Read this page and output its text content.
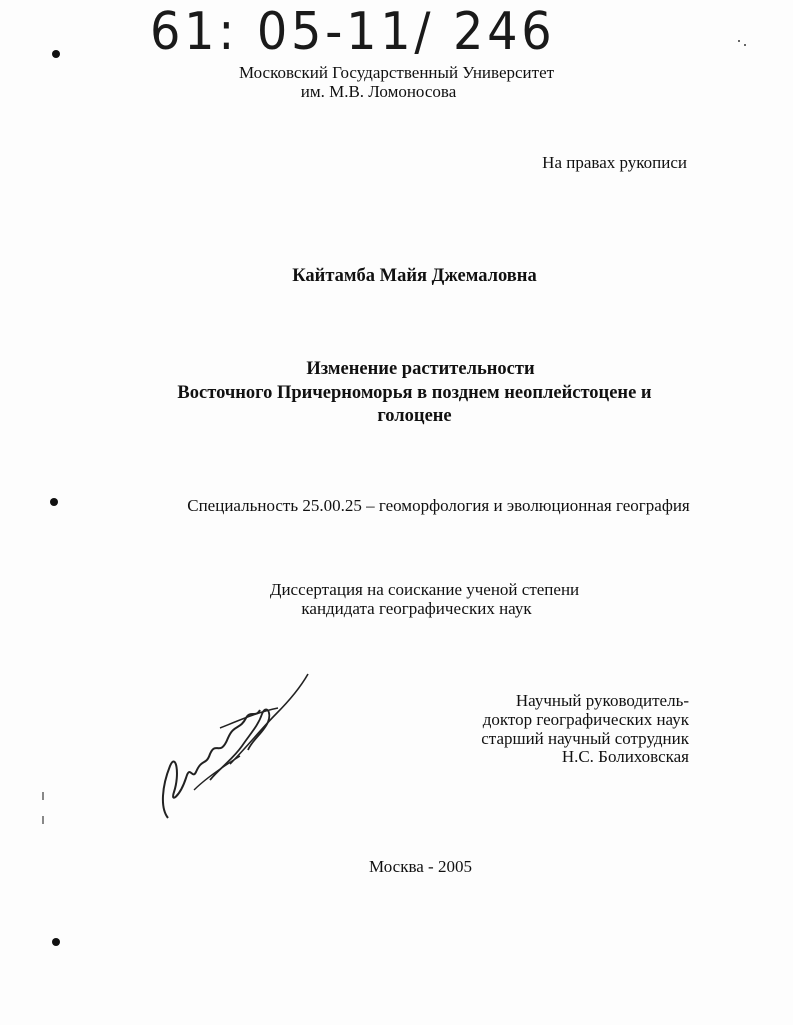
61: 05-11/ 246
Московский Государственный Университет
им. М.В. Ломоносова
На правах рукописи
Кайтамба Майя Джемаловна
Изменение растительности
Восточного Причерноморья в позднем неоплейстоцене и
голоцене
Специальность 25.00.25 – геоморфология и эволюционная география
Диссертация на соискание ученой степени
кандидата географических наук
Научный руководитель-
доктор географических наук
старший научный сотрудник
Н.С. Болиховская
Москва - 2005
